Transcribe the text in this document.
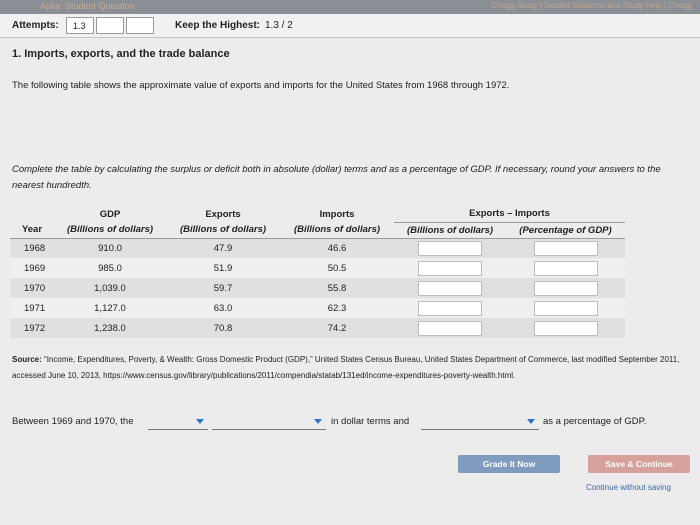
Aplia: Student Question	Chegg Study | Guided Solutions and Study Help | Chegg
Attempts:	1.3	Keep the Highest: 1.3 / 2
1. Imports, exports, and the trade balance
The following table shows the approximate value of exports and imports for the United States from 1968 through 1972.
Complete the table by calculating the surplus or deficit both in absolute (dollar) terms and as a percentage of GDP. If necessary, round your answers to the nearest hundredth.
	GDP	Exports	Imports	Exports – Imports	
Year	(Billions of dollars)	(Billions of dollars)	(Billions of dollars)	(Billions of dollars)	(Percentage of GDP)
1968	910.0	47.9	46.6		
1969	985.0	51.9	50.5		
1970	1,039.0	59.7	55.8		
1971	1,127.0	63.0	62.3		
1972	1,238.0	70.8	74.2		
Source: “Income, Expenditures, Poverty, & Wealth: Gross Domestic Product (GDP),” United States Census Bureau, United States Department of Commerce, last modified September 2011, accessed June 10, 2013, https://www.census.gov/library/publications/2011/compendia/statab/131ed/income-expenditures-poverty-wealth.html.
Between 1969 and 1970, the	in dollar terms and	as a percentage of GDP.
Grade It Now	Save & Continue
Continue without saving
